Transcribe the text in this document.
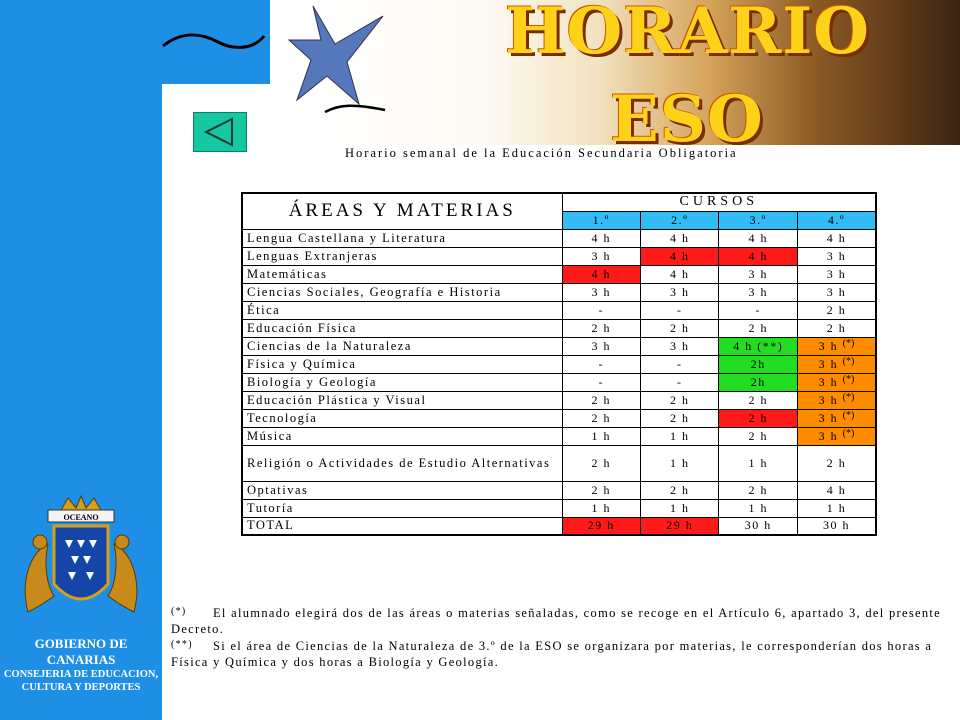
HORARIO
ESO
Horario semanal de la Educación Secundaria Obligatoria
ÁREAS Y MATERIAS	CURSOS			
	1.º	2.º	3.º	4.º
Lengua Castellana y Literatura	4 h	4 h	4 h	4 h
Lenguas Extranjeras	3 h	4 h	4 h	3 h
Matemáticas	4 h	4 h	3 h	3 h
Ciencias Sociales, Geografía e Historia	3 h	3 h	3 h	3 h
Ética	-	-	-	2 h
Educación Física	2 h	2 h	2 h	2 h
Ciencias de la Naturaleza	3 h	3 h	4 h (**)	3 h (*)
Física y Química	-	-	2h	3 h (*)
Biología y Geología	-	-	2h	3 h (*)
Educación Plástica y Visual	2 h	2 h	2 h	3 h (*)
Tecnología	2 h	2 h	2 h	3 h (*)
Música	1 h	1 h	2 h	3 h (*)
Religión o Actividades de Estudio Alternativas	2 h	1 h	1 h	2 h
Optativas	2 h	2 h	2 h	4 h
Tutoría	1 h	1 h	1 h	1 h
TOTAL	29 h	29 h	30 h	30 h

(*) El alumnado elegirá dos de las áreas o materias señaladas, como se recoge en el Artículo 6, apartado 3, del presente Decreto.

(**) Si el área de Ciencias de la Naturaleza de 3.º de la ESO se organizara por materias, le corresponderían dos horas a Física y Química y dos horas a Biología y Geología.

OCEANO
GOBIERNO DE CANARIAS
CONSEJERIA DE EDUCACION,
CULTURA Y DEPORTES
